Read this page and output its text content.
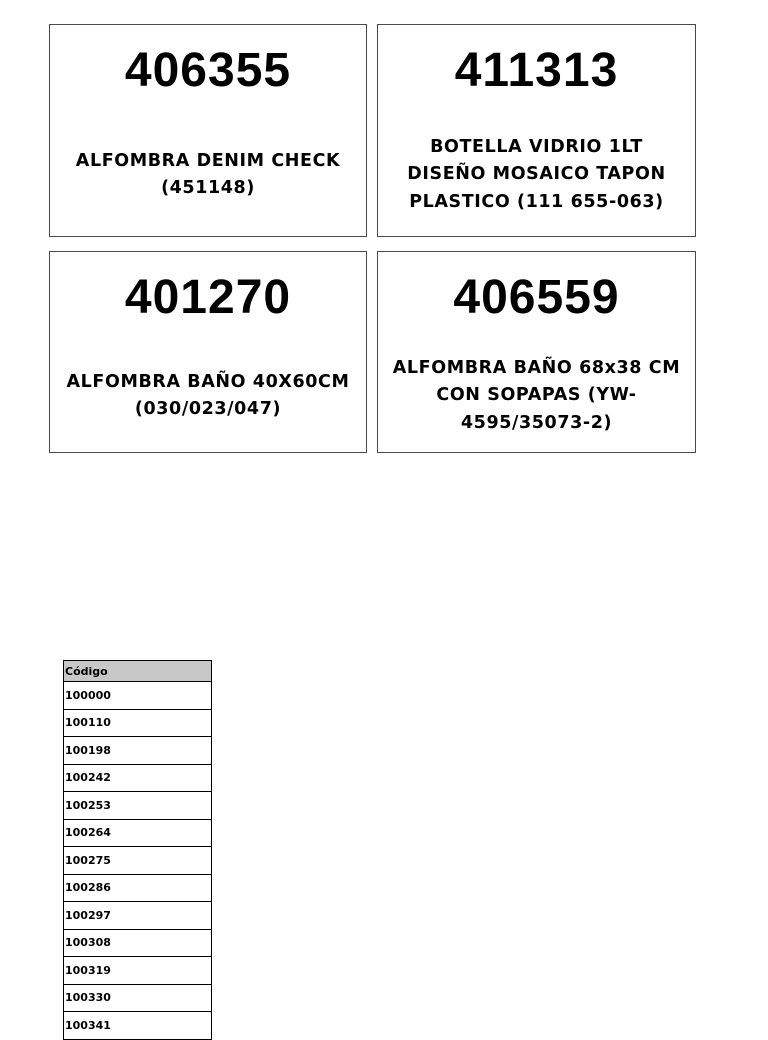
406355
ALFOMBRA DENIM CHECK
(451148)
411313
BOTELLA VIDRIO 1LT
DISEÑO MOSAICO TAPON
PLASTICO (111 655-063)
401270
ALFOMBRA BAÑO 40X60CM
(030/023/047)
406559
ALFOMBRA BAÑO 68x38 CM
CON SOPAPAS (YW-
4595/35073-2)
Código
100000
100110
100198
100242
100253
100264
100275
100286
100297
100308
100319
100330
100341
